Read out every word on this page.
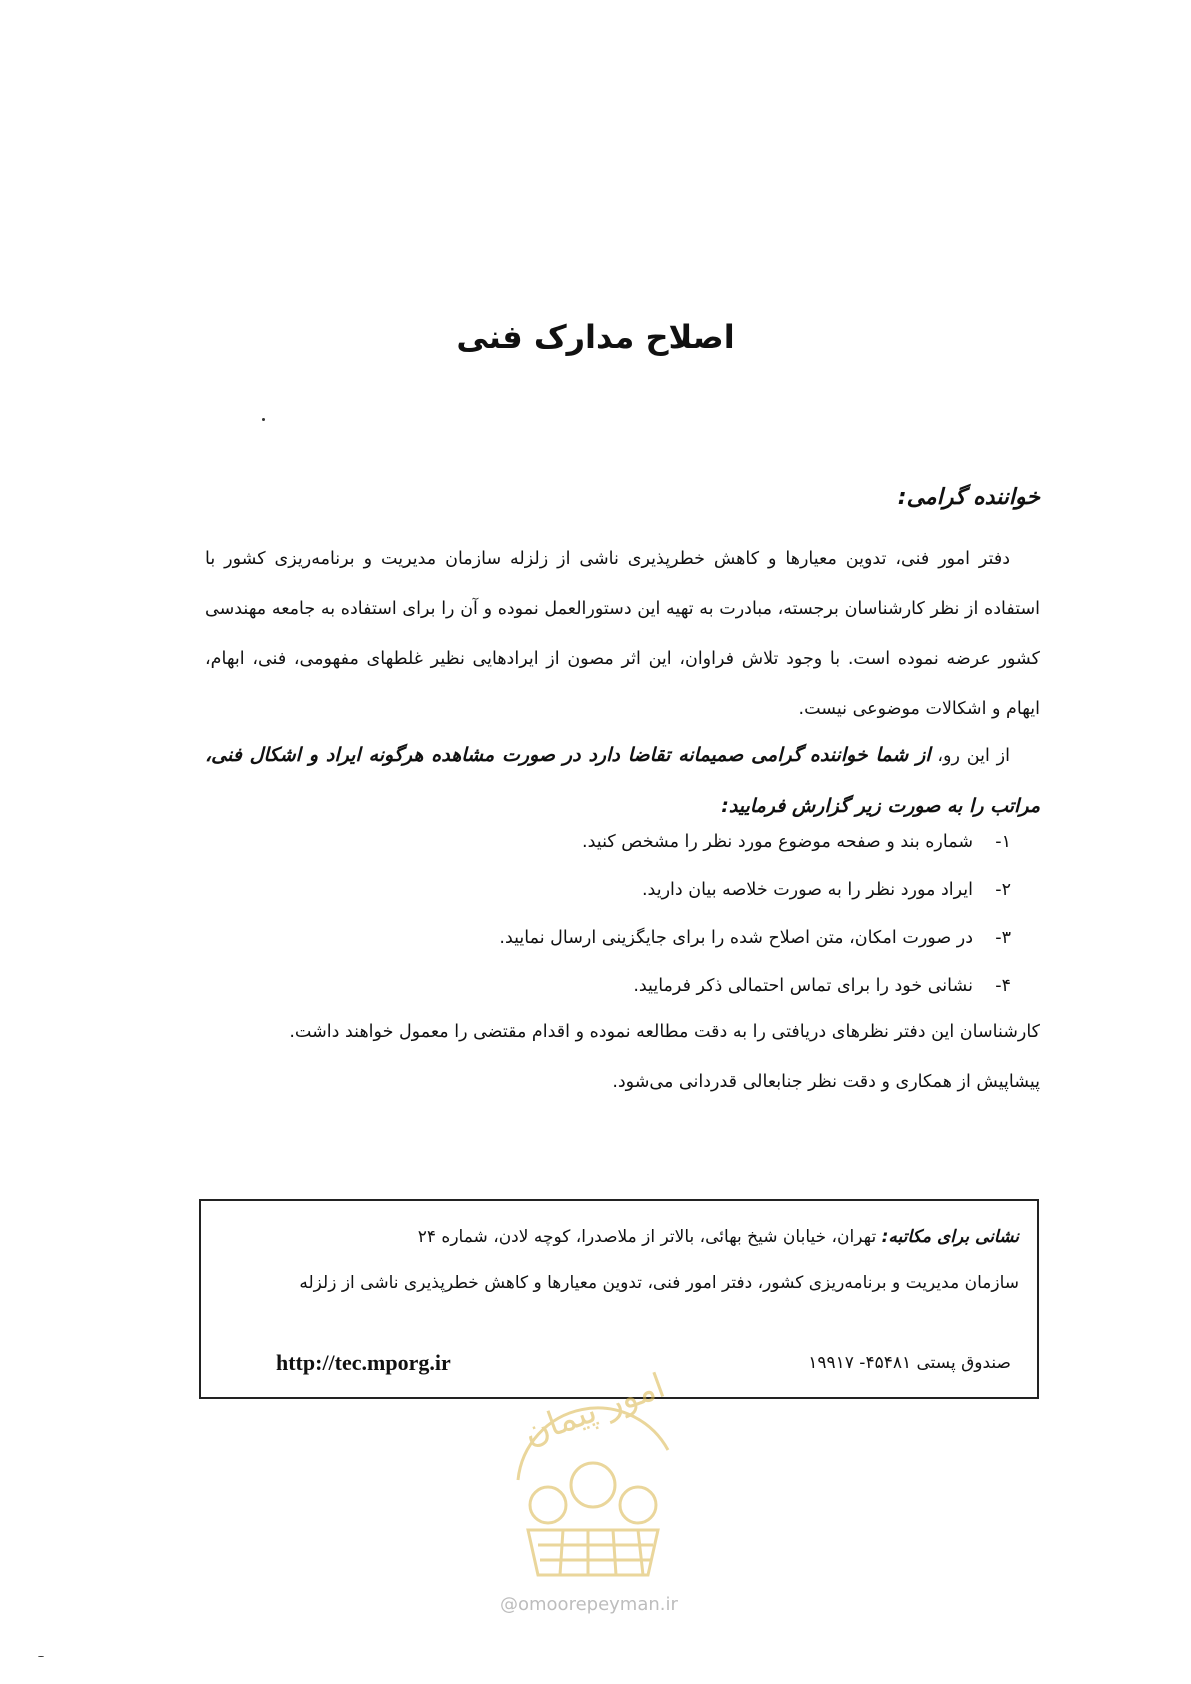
اصلاح مدارک فنی
خواننده گرامی:
دفتر امور فنی، تدوین معیارها و کاهش خطرپذیری ناشی از زلزله سازمان مدیریت و برنامه‌ریزی کشور با استفاده از نظر کارشناسان برجسته، مبادرت به تهیه این دستورالعمل نموده و آن را برای استفاده به جامعه مهندسی کشور عرضه نموده است. با وجود تلاش فراوان، این اثر مصون از ایرادهایی نظیر غلطهای مفهومی، فنی، ابهام، ایهام و اشکالات موضوعی نیست.
از این رو، از شما خواننده گرامی صمیمانه تقاضا دارد در صورت مشاهده هرگونه ایراد و اشکال فنی، مراتب را به صورت زیر گزارش فرمایید:
۱-شماره بند و صفحه موضوع مورد نظر را مشخص کنید.
۲-ایراد مورد نظر را به صورت خلاصه بیان دارید.
۳-در صورت امکان، متن اصلاح شده را برای جایگزینی ارسال نمایید.
۴-نشانی خود را برای تماس احتمالی ذکر فرمایید.
کارشناسان این دفتر نظرهای دریافتی را به دقت مطالعه نموده و اقدام مقتضی را معمول خواهند داشت.
پیشاپیش از همکاری و دقت نظر جنابعالی قدردانی می‌شود.
نشانی برای مکاتبه: تهران، خیابان شیخ بهائی، بالاتر از ملاصدرا، کوچه لادن، شماره ۲۴
سازمان مدیریت و برنامه‌ریزی کشور، دفتر امور فنی، تدوین معیارها و کاهش خطرپذیری ناشی از زلزله
http://tec.mporg.ir	صندوق پستی ۴۵۴۸۱- ۱۹۹۱۷
امور پیمان
@omoorepeyman.ir
